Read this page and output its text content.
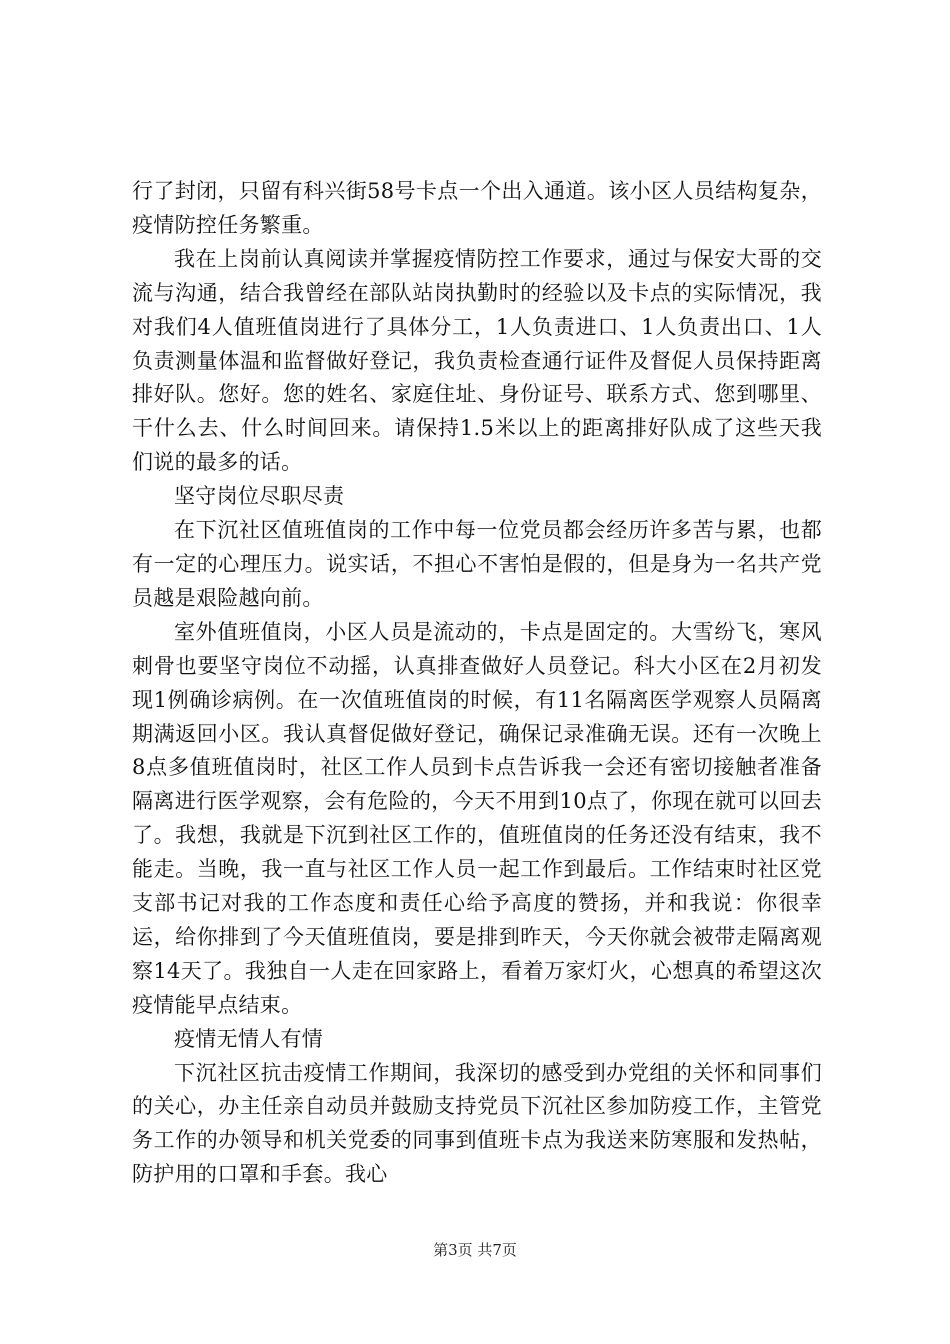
行了封闭，只留有科兴街58号卡点一个出入通道。该小区人员结构复杂，疫情防控任务繁重。

我在上岗前认真阅读并掌握疫情防控工作要求，通过与保安大哥的交流与沟通，结合我曾经在部队站岗执勤时的经验以及卡点的实际情况，我对我们4人值班值岗进行了具体分工，1人负责进口、1人负责出口、1人负责测量体温和监督做好登记，我负责检查通行证件及督促人员保持距离排好队。您好。您的姓名、家庭住址、身份证号、联系方式、您到哪里、干什么去、什么时间回来。请保持1.5米以上的距离排好队成了这些天我们说的最多的话。

坚守岗位尽职尽责

在下沉社区值班值岗的工作中每一位党员都会经历许多苦与累，也都有一定的心理压力。说实话，不担心不害怕是假的，但是身为一名共产党员越是艰险越向前。

室外值班值岗，小区人员是流动的，卡点是固定的。大雪纷飞，寒风刺骨也要坚守岗位不动摇，认真排查做好人员登记。科大小区在2月初发现1例确诊病例。在一次值班值岗的时候，有11名隔离医学观察人员隔离期满返回小区。我认真督促做好登记，确保记录准确无误。还有一次晚上8点多值班值岗时，社区工作人员到卡点告诉我一会还有密切接触者准备隔离进行医学观察，会有危险的，今天不用到10点了，你现在就可以回去了。我想，我就是下沉到社区工作的，值班值岗的任务还没有结束，我不能走。当晚，我一直与社区工作人员一起工作到最后。工作结束时社区党支部书记对我的工作态度和责任心给予高度的赞扬，并和我说：你很幸运，给你排到了今天值班值岗，要是排到昨天，今天你就会被带走隔离观察14天了。我独自一人走在回家路上，看着万家灯火，心想真的希望这次疫情能早点结束。

疫情无情人有情

下沉社区抗击疫情工作期间，我深切的感受到办党组的关怀和同事们的关心，办主任亲自动员并鼓励支持党员下沉社区参加防疫工作，主管党务工作的办领导和机关党委的同事到值班卡点为我送来防寒服和发热帖，防护用的口罩和手套。我心

第3页 共7页
